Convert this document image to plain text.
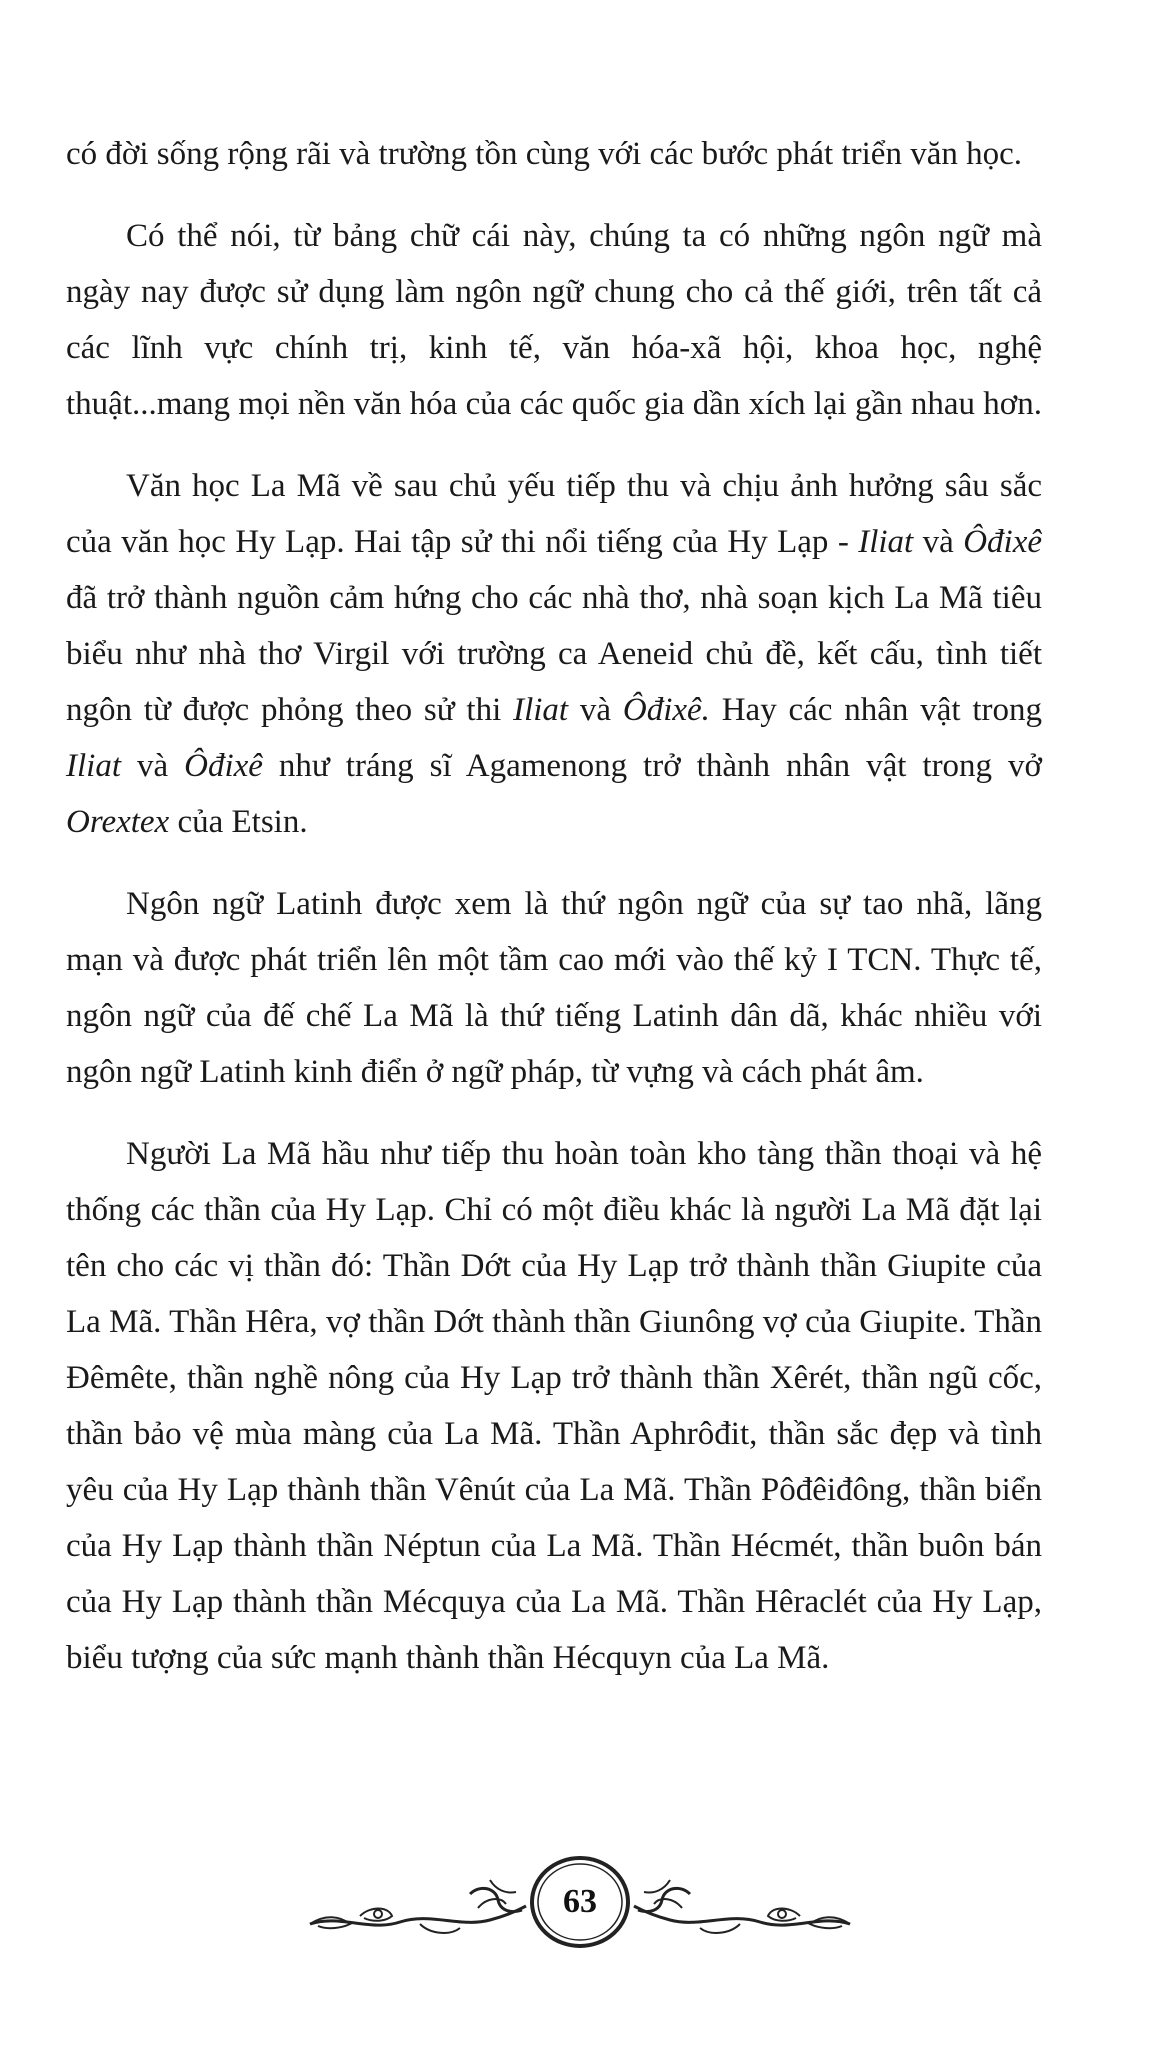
có đời sống rộng rãi và trường tồn cùng với các bước phát triển văn học.

Có thể nói, từ bảng chữ cái này, chúng ta có những ngôn ngữ mà ngày nay được sử dụng làm ngôn ngữ chung cho cả thế giới, trên tất cả các lĩnh vực chính trị, kinh tế, văn hóa-xã hội, khoa học, nghệ thuật...mang mọi nền văn hóa của các quốc gia dần xích lại gần nhau hơn.

Văn học La Mã về sau chủ yếu tiếp thu và chịu ảnh hưởng sâu sắc của văn học Hy Lạp. Hai tập sử thi nổi tiếng của Hy Lạp - Iliat và Ôđixê đã trở thành nguồn cảm hứng cho các nhà thơ, nhà soạn kịch La Mã tiêu biểu như nhà thơ Virgil với trường ca Aeneid chủ đề, kết cấu, tình tiết ngôn từ được phỏng theo sử thi Iliat và Ôđixê. Hay các nhân vật trong Iliat và Ôđixê như tráng sĩ Agamenong trở thành nhân vật trong vở Orextex của Etsin.

Ngôn ngữ Latinh được xem là thứ ngôn ngữ của sự tao nhã, lãng mạn và được phát triển lên một tầm cao mới vào thế kỷ I TCN. Thực tế, ngôn ngữ của đế chế La Mã là thứ tiếng Latinh dân dã, khác nhiều với ngôn ngữ Latinh kinh điển ở ngữ pháp, từ vựng và cách phát âm.

Người La Mã hầu như tiếp thu hoàn toàn kho tàng thần thoại và hệ thống các thần của Hy Lạp. Chỉ có một điều khác là người La Mã đặt lại tên cho các vị thần đó: Thần Dớt của Hy Lạp trở thành thần Giupite của La Mã. Thần Hêra, vợ thần Dớt thành thần Giunông vợ của Giupite. Thần Đêmête, thần nghề nông của Hy Lạp trở thành thần Xêrét, thần ngũ cốc, thần bảo vệ mùa màng của La Mã. Thần Aphrôđit, thần sắc đẹp và tình yêu của Hy Lạp thành thần Vênút của La Mã. Thần Pôđêiđông, thần biển của Hy Lạp thành thần Néptun của La Mã. Thần Hécmét, thần buôn bán của Hy Lạp thành thần Mécquya của La Mã. Thần Hêraclét của Hy Lạp, biểu tượng của sức mạnh thành thần Hécquyn của La Mã.

63
